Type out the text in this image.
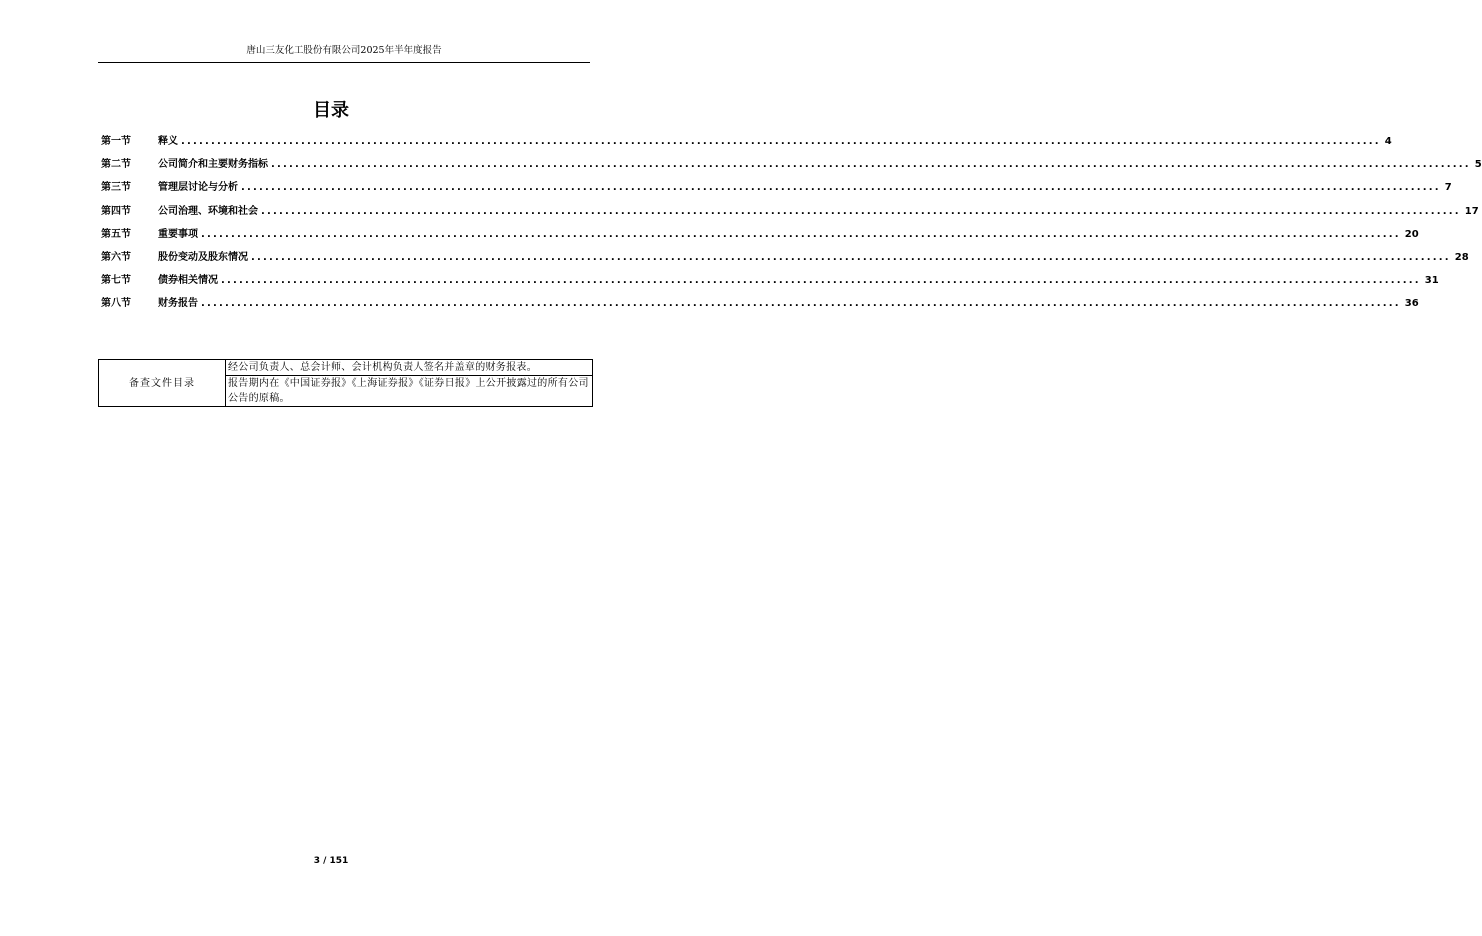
唐山三友化工股份有限公司2025年半年度报告
目录
第一节	释义 ........................................................................................................................................................................................................ 4
第二节	公司简介和主要财务指标 ........................................................................................................................................................................................................ 5
第三节	管理层讨论与分析 ........................................................................................................................................................................................................ 7
第四节	公司治理、环境和社会 ........................................................................................................................................................................................................ 17
第五节	重要事项 ........................................................................................................................................................................................................ 20
第六节	股份变动及股东情况 ........................................................................................................................................................................................................ 28
第七节	债券相关情况 ........................................................................................................................................................................................................ 31
第八节	财务报告 ........................................................................................................................................................................................................ 36
备查文件目录	经公司负责人、总会计师、会计机构负责人签名并盖章的财务报表。
报告期内在《中国证券报》《上海证券报》《证券日报》上公开披露过的所有公司公告的原稿。
3 / 151
